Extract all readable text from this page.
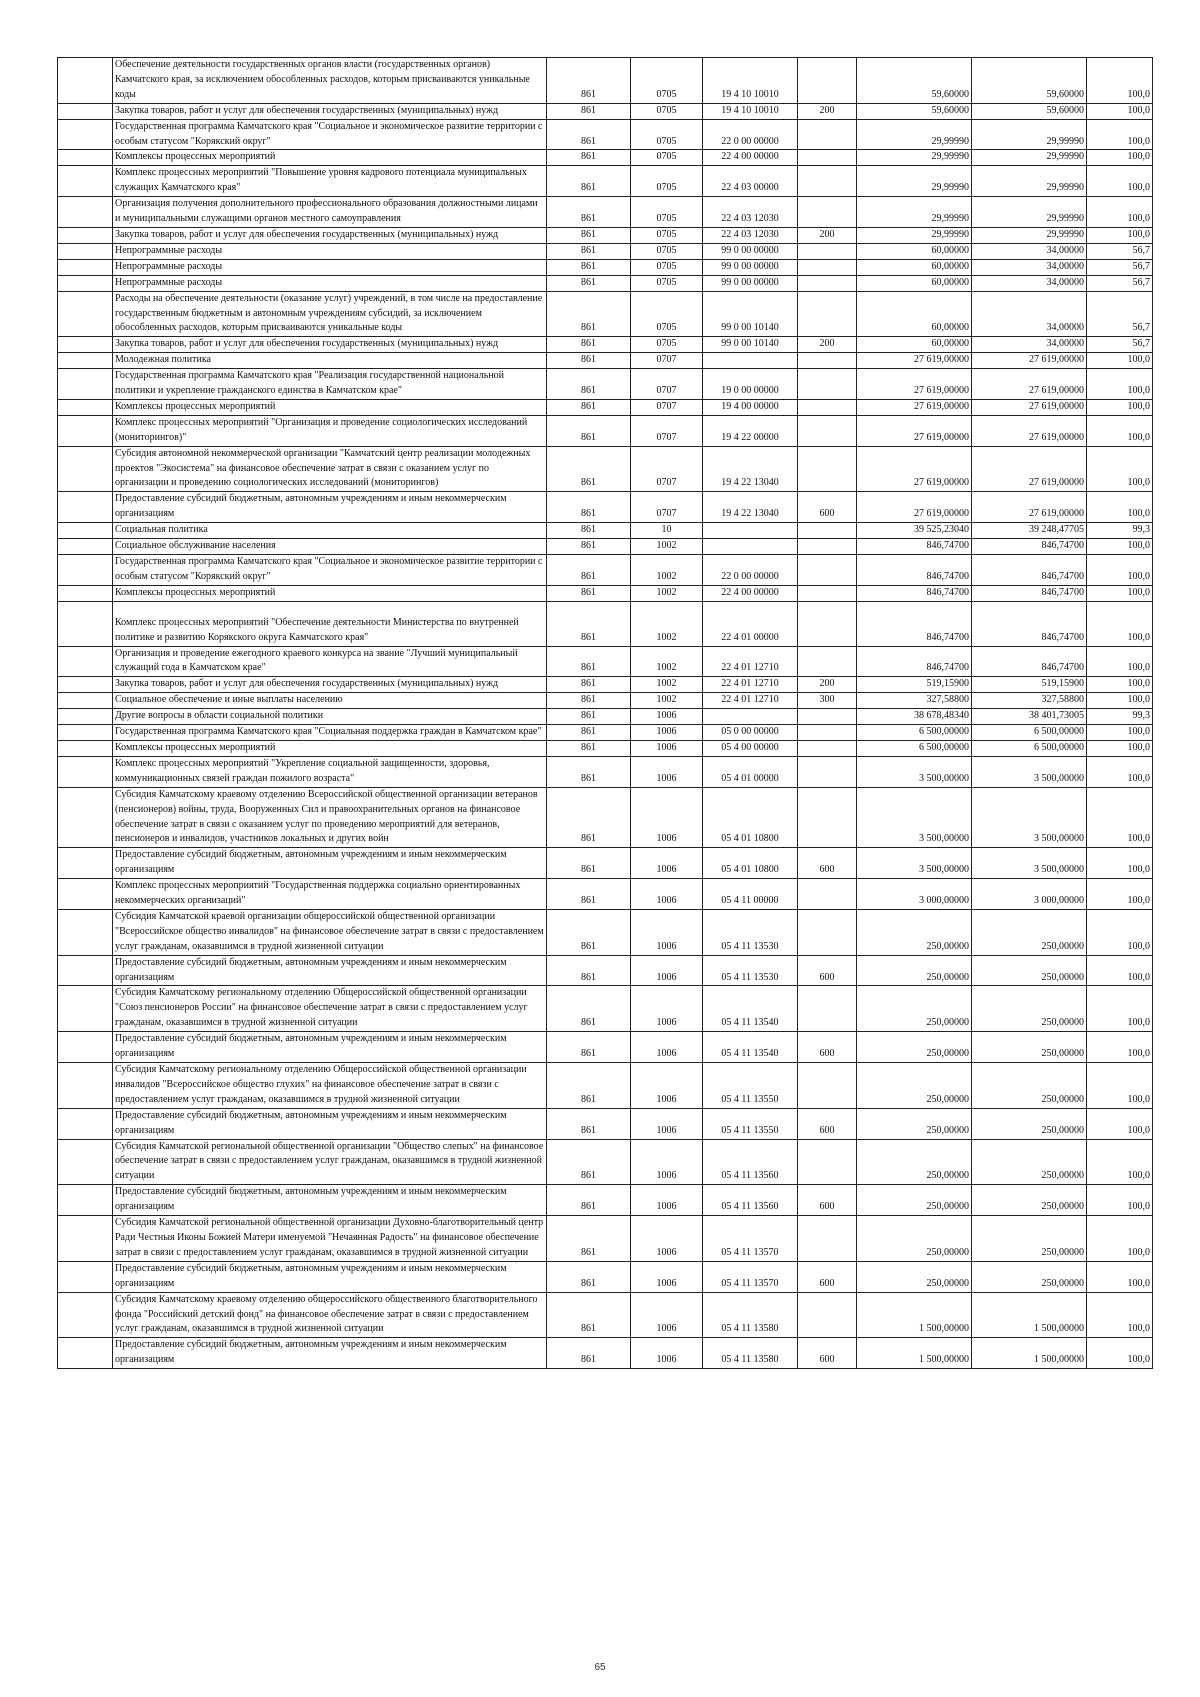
	Обеспечение деятельности государственных органов власти (государственных органов) Камчатского края, за исключением обособленных расходов, которым присваиваются уникальные коды	861	0705	19 4 10 10010		59,60000	59,60000	100,0
	Закупка товаров, работ и услуг для обеспечения государственных (муниципальных) нужд	861	0705	19 4 10 10010	200	59,60000	59,60000	100,0
	Государственная программа Камчатского края "Социальное и экономическое развитие территории с особым статусом "Корякский округ"	861	0705	22 0 00 00000		29,99990	29,99990	100,0
	Комплексы процессных мероприятий	861	0705	22 4 00 00000		29,99990	29,99990	100,0
	Комплекс процессных мероприятий "Повышение уровня кадрового потенциала муниципальных служащих Камчатского края"	861	0705	22 4 03 00000		29,99990	29,99990	100,0
	Организация получения дополнительного профессионального образования должностными лицами и муниципальными служащими органов местного самоуправления	861	0705	22 4 03 12030		29,99990	29,99990	100,0
	Закупка товаров, работ и услуг для обеспечения государственных (муниципальных) нужд	861	0705	22 4 03 12030	200	29,99990	29,99990	100,0
	Непрограммные расходы	861	0705	99 0 00 00000		60,00000	34,00000	56,7
	Непрограммные расходы	861	0705	99 0 00 00000		60,00000	34,00000	56,7
	Непрограммные расходы	861	0705	99 0 00 00000		60,00000	34,00000	56,7
	Расходы на обеспечение деятельности (оказание услуг) учреждений, в том числе на предоставление государственным бюджетным и автономным учреждениям субсидий, за исключением обособленных расходов, которым присваиваются уникальные коды	861	0705	99 0 00 10140		60,00000	34,00000	56,7
	Закупка товаров, работ и услуг для обеспечения государственных (муниципальных) нужд	861	0705	99 0 00 10140	200	60,00000	34,00000	56,7
	Молодежная политика	861	0707			27 619,00000	27 619,00000	100,0
	Государственная программа Камчатского края "Реализация государственной национальной политики и укрепление гражданского единства в Камчатском крае"	861	0707	19 0 00 00000		27 619,00000	27 619,00000	100,0
	Комплексы процессных мероприятий	861	0707	19 4 00 00000		27 619,00000	27 619,00000	100,0
	Комплекс процессных мероприятий "Организация и проведение социологических исследований (мониторингов)"	861	0707	19 4 22 00000		27 619,00000	27 619,00000	100,0
	Субсидия автономной некоммерческой организации "Камчатский центр реализации молодежных проектов "Экосистема" на финансовое обеспечение затрат в связи с оказанием услуг по организации и проведению социологических исследований (мониторингов)	861	0707	19 4 22 13040		27 619,00000	27 619,00000	100,0
	Предоставление субсидий бюджетным, автономным учреждениям и иным некоммерческим организациям	861	0707	19 4 22 13040	600	27 619,00000	27 619,00000	100,0
	Социальная политика	861	10			39 525,23040	39 248,47705	99,3
	Социальное обслуживание населения	861	1002			846,74700	846,74700	100,0
	Государственная программа Камчатского края "Социальное и экономическое развитие территории с особым статусом "Корякский округ"	861	1002	22 0 00 00000		846,74700	846,74700	100,0
	Комплексы процессных мероприятий	861	1002	22 4 00 00000		846,74700	846,74700	100,0
	Комплекс процессных мероприятий "Обеспечение деятельности Министерства по внутренней политике и развитию Корякского округа Камчатского края"	861	1002	22 4 01 00000		846,74700	846,74700	100,0
	Организация и проведение ежегодного краевого конкурса на звание "Лучший муниципальный служащий года в Камчатском крае"	861	1002	22 4 01 12710		846,74700	846,74700	100,0
	Закупка товаров, работ и услуг для обеспечения государственных (муниципальных) нужд	861	1002	22 4 01 12710	200	519,15900	519,15900	100,0
	Социальное обеспечение и иные выплаты населению	861	1002	22 4 01 12710	300	327,58800	327,58800	100,0
	Другие вопросы в области социальной политики	861	1006			38 678,48340	38 401,73005	99,3
	Государственная программа Камчатского края "Социальная поддержка граждан в Камчатском крае"	861	1006	05 0 00 00000		6 500,00000	6 500,00000	100,0
	Комплексы процессных мероприятий	861	1006	05 4 00 00000		6 500,00000	6 500,00000	100,0
	Комплекс процессных мероприятий "Укрепление социальной защищенности, здоровья, коммуникационных связей граждан пожилого возраста"	861	1006	05 4 01 00000		3 500,00000	3 500,00000	100,0
	Субсидия Камчатскому краевому отделению Всероссийской общественной организации ветеранов (пенсионеров) войны, труда, Вооруженных Сил и правоохранительных органов на финансовое обеспечение затрат в связи с оказанием услуг по проведению мероприятий для ветеранов, пенсионеров и инвалидов, участников локальных и других войн	861	1006	05 4 01 10800		3 500,00000	3 500,00000	100,0
	Предоставление субсидий бюджетным, автономным учреждениям и иным некоммерческим организациям	861	1006	05 4 01 10800	600	3 500,00000	3 500,00000	100,0
	Комплекс процессных мероприятий "Государственная поддержка социально ориентированных некоммерческих организаций"	861	1006	05 4 11 00000		3 000,00000	3 000,00000	100,0
	Субсидия Камчатской краевой организации общероссийской общественной организации "Всероссийское общество инвалидов" на финансовое обеспечение затрат в связи с предоставлением услуг гражданам, оказавшимся в трудной жизненной ситуации	861	1006	05 4 11 13530		250,00000	250,00000	100,0
	Предоставление субсидий бюджетным, автономным учреждениям и иным некоммерческим организациям	861	1006	05 4 11 13530	600	250,00000	250,00000	100,0
	Субсидия Камчатскому региональному отделению Общероссийской общественной организации "Союз пенсионеров России" на финансовое обеспечение затрат в связи с предоставлением услуг гражданам, оказавшимся в трудной жизненной ситуации	861	1006	05 4 11 13540		250,00000	250,00000	100,0
	Предоставление субсидий бюджетным, автономным учреждениям и иным некоммерческим организациям	861	1006	05 4 11 13540	600	250,00000	250,00000	100,0
	Субсидия Камчатскому региональному отделению Общероссийской общественной организации инвалидов "Всероссийское общество глухих" на финансовое обеспечение затрат в связи с предоставлением услуг гражданам, оказавшимся в трудной жизненной ситуации	861	1006	05 4 11 13550		250,00000	250,00000	100,0
	Предоставление субсидий бюджетным, автономным учреждениям и иным некоммерческим организациям	861	1006	05 4 11 13550	600	250,00000	250,00000	100,0
	Субсидия Камчатской региональной общественной организации "Общество слепых" на финансовое обеспечение затрат в связи с предоставлением услуг гражданам, оказавшимся в трудной жизненной ситуации	861	1006	05 4 11 13560		250,00000	250,00000	100,0
	Предоставление субсидий бюджетным, автономным учреждениям и иным некоммерческим организациям	861	1006	05 4 11 13560	600	250,00000	250,00000	100,0
	Субсидия Камчатской региональной общественной организации Духовно-благотворительный центр Ради Честныя Иконы Божией Матери именуемой "Нечаянная Радость" на финансовое обеспечение затрат в связи с предоставлением услуг гражданам, оказавшимся в трудной жизненной ситуации	861	1006	05 4 11 13570		250,00000	250,00000	100,0
	Предоставление субсидий бюджетным, автономным учреждениям и иным некоммерческим организациям	861	1006	05 4 11 13570	600	250,00000	250,00000	100,0
	Субсидия Камчатскому краевому отделению общероссийского общественного благотворительного фонда "Российский детский фонд" на финансовое обеспечение затрат в связи с предоставлением услуг гражданам, оказавшимся в трудной жизненной ситуации	861	1006	05 4 11 13580		1 500,00000	1 500,00000	100,0
	Предоставление субсидий бюджетным, автономным учреждениям и иным некоммерческим организациям	861	1006	05 4 11 13580	600	1 500,00000	1 500,00000	100,0
65
